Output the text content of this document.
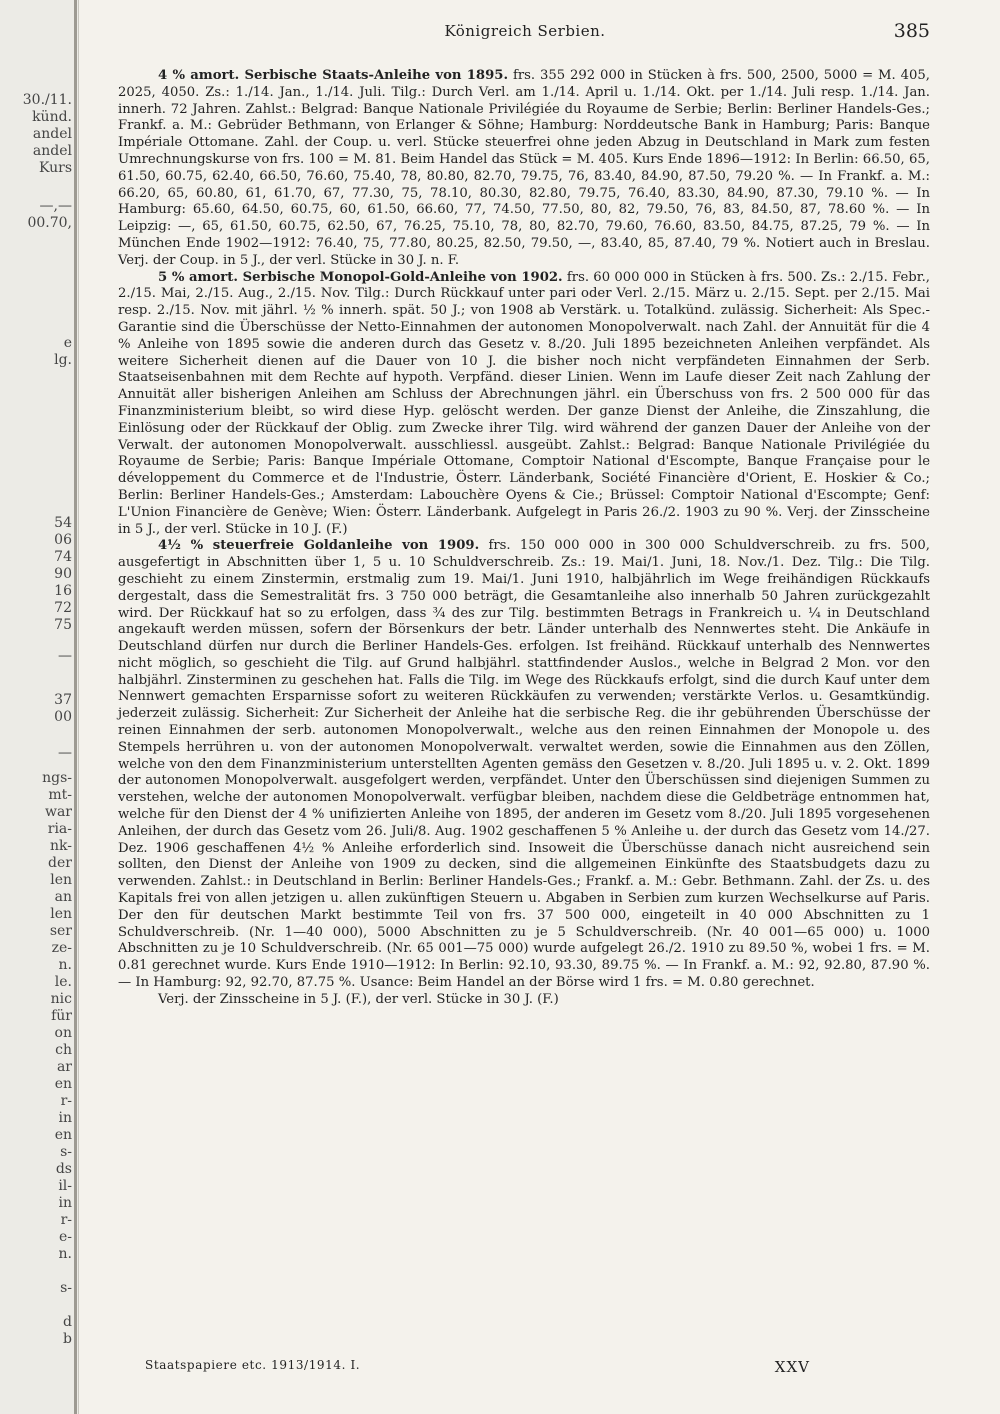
30./11.
künd.
andel
andel
Kurs
—,—
00.70,
e
lg.
54
06
74
90
16
72
75
—
37
00
—
ngs-
mt-
war
ria-
nk-
der
len
an
len
ser
ze-
n.
le.
nic
für
on
ch
ar
en
r-
in
en
s-
ds
il-
in
r-
e-
n.
s-
d
b
Königreich Serbien.	385

4 % amort. Serbische Staats-Anleihe von 1895. frs. 355 292 000 in Stücken à frs. 500, 2500, 5000 = M. 405, 2025, 4050. Zs.: 1./14. Jan., 1./14. Juli. Tilg.: Durch Verl. am 1./14. April u. 1./14. Okt. per 1./14. Juli resp. 1./14. Jan. innerh. 72 Jahren. Zahlst.: Belgrad: Banque Nationale Privilégiée du Royaume de Serbie; Berlin: Berliner Handels-Ges.; Frankf. a. M.: Gebrüder Bethmann, von Erlanger & Söhne; Hamburg: Norddeutsche Bank in Hamburg; Paris: Banque Impériale Ottomane. Zahl. der Coup. u. verl. Stücke steuerfrei ohne jeden Abzug in Deutschland in Mark zum festen Umrechnungskurse von frs. 100 = M. 81. Beim Handel das Stück = M. 405. Kurs Ende 1896—1912: In Berlin: 66.50, 65, 61.50, 60.75, 62.40, 66.50, 76.60, 75.40, 78, 80.80, 82.70, 79.75, 76, 83.40, 84.90, 87.50, 79.20 %. — In Frankf. a. M.: 66.20, 65, 60.80, 61, 61.70, 67, 77.30, 75, 78.10, 80.30, 82.80, 79.75, 76.40, 83.30, 84.90, 87.30, 79.10 %. — In Hamburg: 65.60, 64.50, 60.75, 60, 61.50, 66.60, 77, 74.50, 77.50, 80, 82, 79.50, 76, 83, 84.50, 87, 78.60 %. — In Leipzig: —, 65, 61.50, 60.75, 62.50, 67, 76.25, 75.10, 78, 80, 82.70, 79.60, 76.60, 83.50, 84.75, 87.25, 79 %. — In München Ende 1902—1912: 76.40, 75, 77.80, 80.25, 82.50, 79.50, —, 83.40, 85, 87.40, 79 %. Notiert auch in Breslau. Verj. der Coup. in 5 J., der verl. Stücke in 30 J. n. F.

5 % amort. Serbische Monopol-Gold-Anleihe von 1902. frs. 60 000 000 in Stücken à frs. 500. Zs.: 2./15. Febr., 2./15. Mai, 2./15. Aug., 2./15. Nov. Tilg.: Durch Rückkauf unter pari oder Verl. 2./15. März u. 2./15. Sept. per 2./15. Mai resp. 2./15. Nov. mit jährl. ½ % innerh. spät. 50 J.; von 1908 ab Verstärk. u. Totalkünd. zulässig. Sicherheit: Als Spec.-Garantie sind die Überschüsse der Netto-Einnahmen der autonomen Monopolverwalt. nach Zahl. der Annuität für die 4 % Anleihe von 1895 sowie die anderen durch das Gesetz v. 8./20. Juli 1895 bezeichneten Anleihen verpfändet. Als weitere Sicherheit dienen auf die Dauer von 10 J. die bisher noch nicht verpfändeten Einnahmen der Serb. Staatseisenbahnen mit dem Rechte auf hypoth. Verpfänd. dieser Linien. Wenn im Laufe dieser Zeit nach Zahlung der Annuität aller bisherigen Anleihen am Schluss der Abrechnungen jährl. ein Überschuss von frs. 2 500 000 für das Finanzministerium bleibt, so wird diese Hyp. gelöscht werden. Der ganze Dienst der Anleihe, die Zinszahlung, die Einlösung oder der Rückkauf der Oblig. zum Zwecke ihrer Tilg. wird während der ganzen Dauer der Anleihe von der Verwalt. der autonomen Monopolverwalt. ausschliessl. ausgeübt. Zahlst.: Belgrad: Banque Nationale Privilégiée du Royaume de Serbie; Paris: Banque Impériale Ottomane, Comptoir National d'Escompte, Banque Française pour le développement du Commerce et de l'Industrie, Österr. Länderbank, Société Financière d'Orient, E. Hoskier & Co.; Berlin: Berliner Handels-Ges.; Amsterdam: Labouchère Oyens & Cie.; Brüssel: Comptoir National d'Escompte; Genf: L'Union Financière de Genève; Wien: Österr. Länderbank. Aufgelegt in Paris 26./2. 1903 zu 90 %. Verj. der Zinsscheine in 5 J., der verl. Stücke in 10 J. (F.)

4½ % steuerfreie Goldanleihe von 1909. frs. 150 000 000 in 300 000 Schuldverschreib. zu frs. 500, ausgefertigt in Abschnitten über 1, 5 u. 10 Schuldverschreib. Zs.: 19. Mai/1. Juni, 18. Nov./1. Dez. Tilg.: Die Tilg. geschieht zu einem Zinstermin, erstmalig zum 19. Mai/1. Juni 1910, halbjährlich im Wege freihändigen Rückkaufs dergestalt, dass die Semestralität frs. 3 750 000 beträgt, die Gesamtanleihe also innerhalb 50 Jahren zurückgezahlt wird. Der Rückkauf hat so zu erfolgen, dass ³⁄₄ des zur Tilg. bestimmten Betrags in Frankreich u. ¼ in Deutschland angekauft werden müssen, sofern der Börsenkurs der betr. Länder unterhalb des Nennwertes steht. Die Ankäufe in Deutschland dürfen nur durch die Berliner Handels-Ges. erfolgen. Ist freihänd. Rückkauf unterhalb des Nennwertes nicht möglich, so geschieht die Tilg. auf Grund halbjährl. stattfindender Auslos., welche in Belgrad 2 Mon. vor den halbjährl. Zinsterminen zu geschehen hat. Falls die Tilg. im Wege des Rückkaufs erfolgt, sind die durch Kauf unter dem Nennwert gemachten Ersparnisse sofort zu weiteren Rückkäufen zu verwenden; verstärkte Verlos. u. Gesamtkündig. jederzeit zulässig. Sicherheit: Zur Sicherheit der Anleihe hat die serbische Reg. die ihr gebührenden Überschüsse der reinen Einnahmen der serb. autonomen Monopolverwalt., welche aus den reinen Einnahmen der Monopole u. des Stempels herrühren u. von der autonomen Monopolverwalt. verwaltet werden, sowie die Einnahmen aus den Zöllen, welche von den dem Finanzministerium unterstellten Agenten gemäss den Gesetzen v. 8./20. Juli 1895 u. v. 2. Okt. 1899 der autonomen Monopolverwalt. ausgefolgert werden, verpfändet. Unter den Überschüssen sind diejenigen Summen zu verstehen, welche der autonomen Monopolverwalt. verfügbar bleiben, nachdem diese die Geldbeträge entnommen hat, welche für den Dienst der 4 % unifizierten Anleihe von 1895, der anderen im Gesetz vom 8./20. Juli 1895 vorgesehenen Anleihen, der durch das Gesetz vom 26. Juli/8. Aug. 1902 geschaffenen 5 % Anleihe u. der durch das Gesetz vom 14./27. Dez. 1906 geschaffenen 4½ % Anleihe erforderlich sind. Insoweit die Überschüsse danach nicht ausreichend sein sollten, den Dienst der Anleihe von 1909 zu decken, sind die allgemeinen Einkünfte des Staatsbudgets dazu zu verwenden. Zahlst.: in Deutschland in Berlin: Berliner Handels-Ges.; Frankf. a. M.: Gebr. Bethmann. Zahl. der Zs. u. des Kapitals frei von allen jetzigen u. allen zukünftigen Steuern u. Abgaben in Serbien zum kurzen Wechselkurse auf Paris. Der den für deutschen Markt bestimmte Teil von frs. 37 500 000, eingeteilt in 40 000 Abschnitten zu 1 Schuldverschreib. (Nr. 1—40 000), 5000 Abschnitten zu je 5 Schuldverschreib. (Nr. 40 001—65 000) u. 1000 Abschnitten zu je 10 Schuldverschreib. (Nr. 65 001—75 000) wurde aufgelegt 26./2. 1910 zu 89.50 %, wobei 1 frs. = M. 0.81 gerechnet wurde. Kurs Ende 1910—1912: In Berlin: 92.10, 93.30, 89.75 %. — In Frankf. a. M.: 92, 92.80, 87.90 %. — In Hamburg: 92, 92.70, 87.75 %. Usance: Beim Handel an der Börse wird 1 frs. = M. 0.80 gerechnet.

Verj. der Zinsscheine in 5 J. (F.), der verl. Stücke in 30 J. (F.)

Staatspapiere etc. 1913/1914. I.	XXV
